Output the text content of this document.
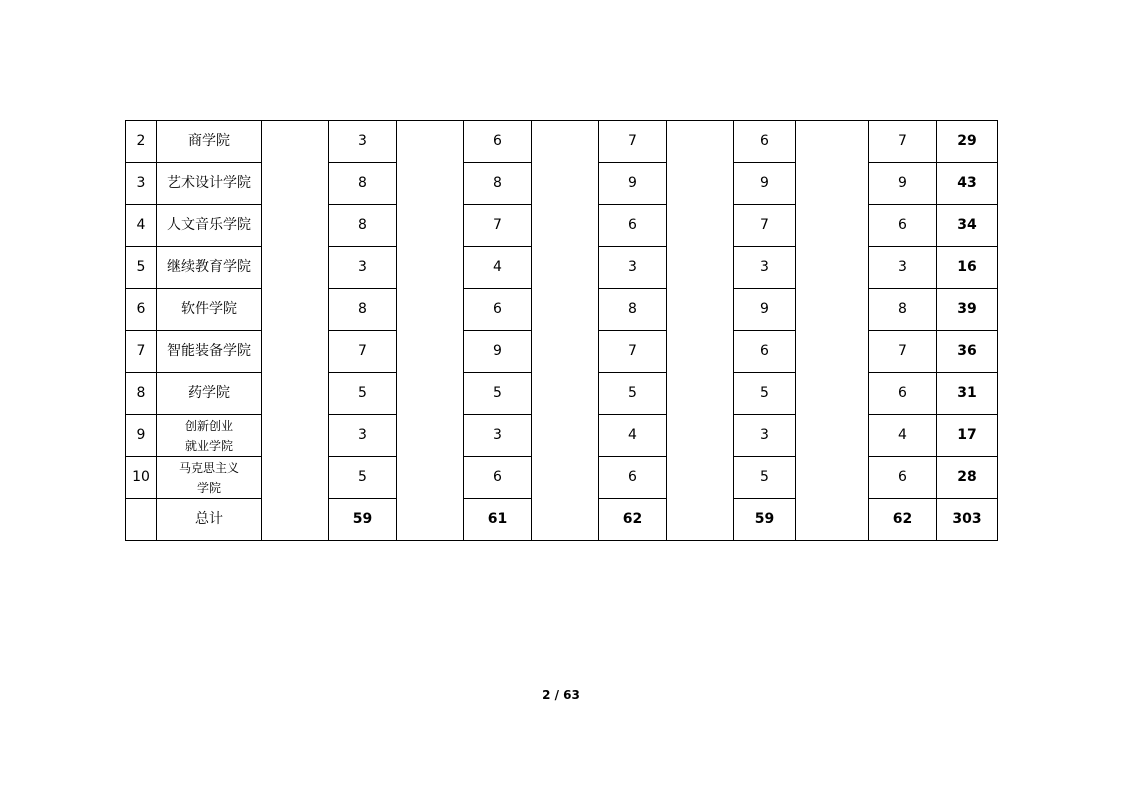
2	商学院		3		6		7		6		7	29
3	艺术设计学院		8		8		9		9		9	43
4	人文音乐学院		8		7		6		7		6	34
5	继续教育学院		3		4		3		3		3	16
6	软件学院		8		6		8		9		8	39
7	智能装备学院		7		9		7		6		7	36
8	药学院		5		5		5		5		6	31
9	创新创业
就业学院		3		3		4		3		4	17
10	马克思主义
学院		5		6		6		5		6	28
	总计		59		61		62		59		62	303
2 / 63
